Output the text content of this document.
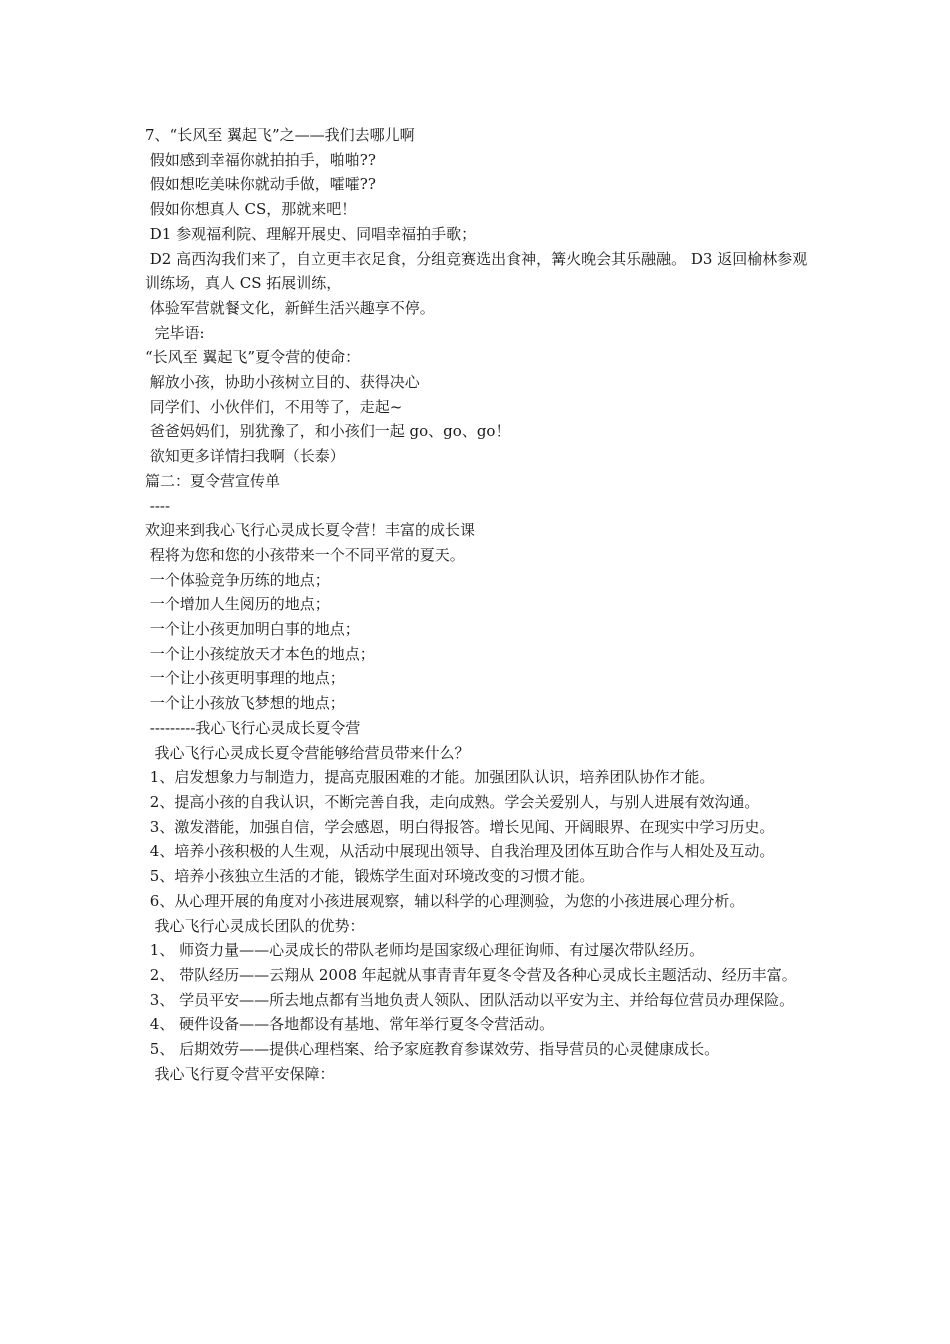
7、“长风至 翼起飞”之——我们去哪儿啊

假如感到幸福你就拍拍手，啪啪??

假如想吃美味你就动手做，嚯嚯??

假如你想真人 CS，那就来吧！

D1 参观福利院、理解开展史、同唱幸福拍手歌；

D2 高西沟我们来了，自立更丰衣足食，分组竞赛选出食神，篝火晚会其乐融融。 D3 返回榆林参观训练场，真人 CS 拓展训练，

体验军营就餐文化，新鲜生活兴趣享不停。

完毕语:

“长风至 翼起飞”夏令营的使命：

解放小孩，协助小孩树立目的、获得决心

同学们、小伙伴们，不用等了，走起~

爸爸妈妈们，别犹豫了，和小孩们一起 go、go、go！

欲知更多详情扫我啊（长泰）

篇二：夏令营宣传单

----

欢迎来到我心飞行心灵成长夏令营！丰富的成长课

程将为您和您的小孩带来一个不同平常的夏天。

一个体验竞争历练的地点；

一个增加人生阅历的地点；

一个让小孩更加明白事的地点；

一个让小孩绽放天才本色的地点；

一个让小孩更明事理的地点；

一个让小孩放飞梦想的地点；

---------我心飞行心灵成长夏令营

我心飞行心灵成长夏令营能够给营员带来什么？

1、启发想象力与制造力，提高克服困难的才能。加强团队认识，培养团队协作才能。

2、提高小孩的自我认识，不断完善自我，走向成熟。学会关爱别人，与别人进展有效沟通。

3、激发潜能，加强自信，学会感恩，明白得报答。增长见闻、开阔眼界、在现实中学习历史。

4、培养小孩积极的人生观，从活动中展现出领导、自我治理及团体互助合作与人相处及互动。

5、培养小孩独立生活的才能，锻炼学生面对环境改变的习惯才能。

6、从心理开展的角度对小孩进展观察，辅以科学的心理测验，为您的小孩进展心理分析。

我心飞行心灵成长团队的优势：

1、 师资力量——心灵成长的带队老师均是国家级心理征询师、有过屡次带队经历。

2、 带队经历——云翔从 2008 年起就从事青青年夏冬令营及各种心灵成长主题活动、经历丰富。

3、 学员平安——所去地点都有当地负责人领队、团队活动以平安为主、并给每位营员办理保险。

4、 硬件设备——各地都设有基地、常年举行夏冬令营活动。

5、 后期效劳——提供心理档案、给予家庭教育参谋效劳、指导营员的心灵健康成长。

我心飞行夏令营平安保障：
